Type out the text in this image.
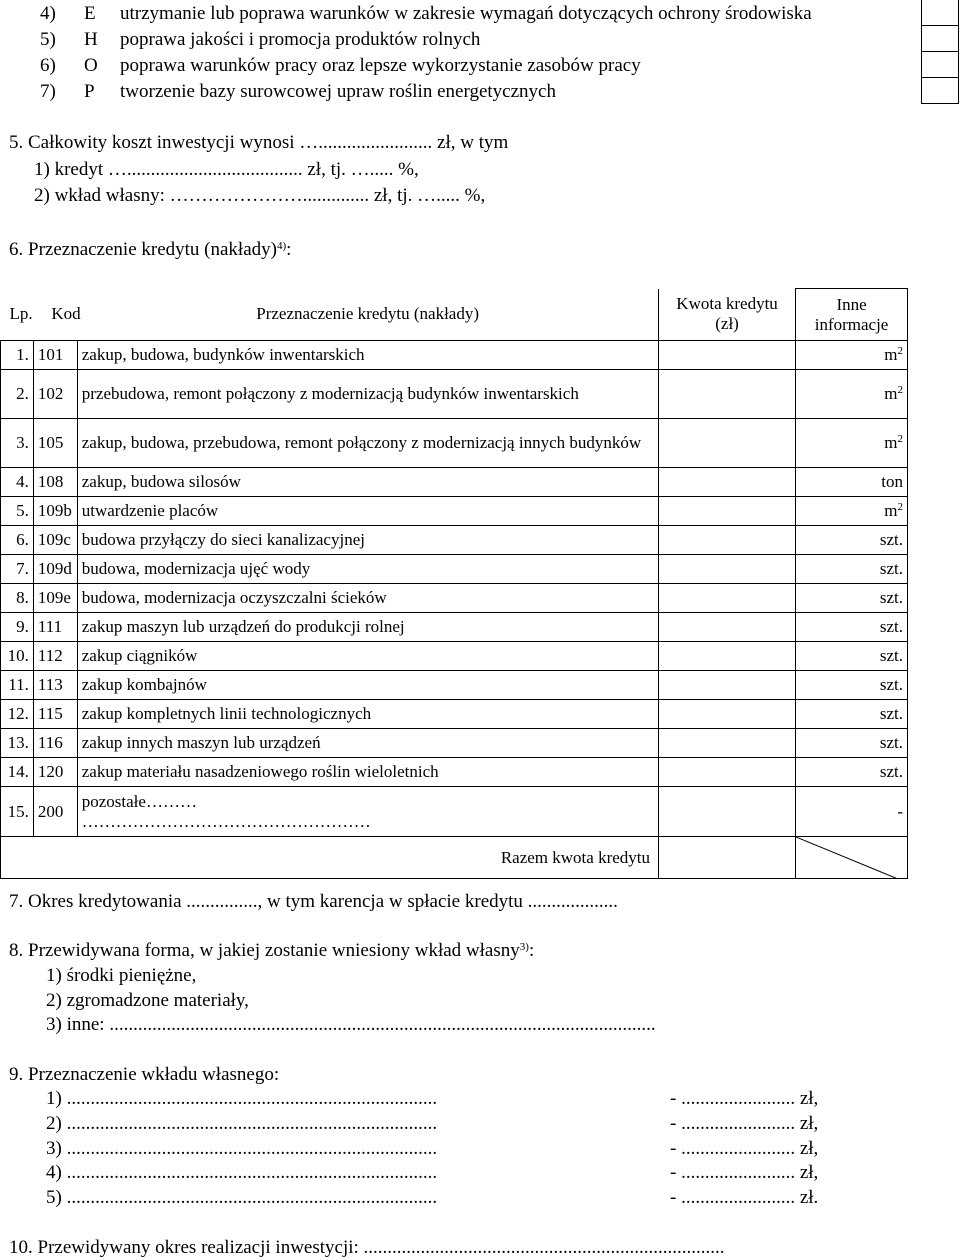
4) E utrzymanie lub poprawa warunków w zakresie wymagań dotyczących ochrony środowiska
5) H poprawa jakości i promocja produktów rolnych
6) O poprawa warunków pracy oraz lepsze wykorzystanie zasobów pracy
7) P tworzenie bazy surowcowej upraw roślin energetycznych
5. Całkowity koszt inwestycji wynosi …........................ zł, w tym
1) kredyt …..................................... zł, tj. …..... %,
2) wkład własny: ………………….............. zł, tj. …..... %,
6. Przeznaczenie kredytu (nakłady)$^{4)}$:
Lp.	Kod	Przeznaczenie kredytu (nakłady)	Kwota kredytu (zł)	Inne informacje
1.	101	zakup, budowa, budynków inwentarskich		$m^2$
2.	102	przebudowa, remont połączony z modernizacją budynków inwentarskich		$m^2$
3.	105	zakup, budowa, przebudowa, remont połączony z modernizacją innych budynków		$m^2$
4.	108	zakup, budowa silosów		ton
5.	109b	utwardzenie placów		$m^2$
6.	109c	budowa przyłączy do sieci kanalizacyjnej		szt.
7.	109d	budowa, modernizacja ujęć wody		szt.
8.	109e	budowa, modernizacja oczyszczalni ścieków		szt.
9.	111	zakup maszyn lub urządzeń do produkcji rolnej		szt.
10.	112	zakup ciągników		szt.
11.	113	zakup kombajnów		szt.
12.	115	zakup kompletnych linii technologicznych		szt.
13.	116	zakup innych maszyn lub urządzeń		szt.
14.	120	zakup materiału nasadzeniowego roślin wieloletnich		szt.
15.	200	pozostałe………
……………………………………………		-
		Razem kwota kredytu		
7. Okres kredytowania ..............., w tym karencja w spłacie kredytu ...................
8. Przewidywana forma, w jakiej zostanie wniesiony wkład własny$^{3)}$:
1) środki pieniężne,
2) zgromadzone materiały,
3) inne: ...................................................................................................................
9. Przeznaczenie wkładu własnego:
1) ..............................................................................	- ........................ zł,
2) ..............................................................................	- ........................ zł,
3) ..............................................................................	- ........................ zł,
4) ..............................................................................	- ........................ zł,
5) ..............................................................................	- ........................ zł.
10. Przewidywany okres realizacji inwestycji: ............................................................................
